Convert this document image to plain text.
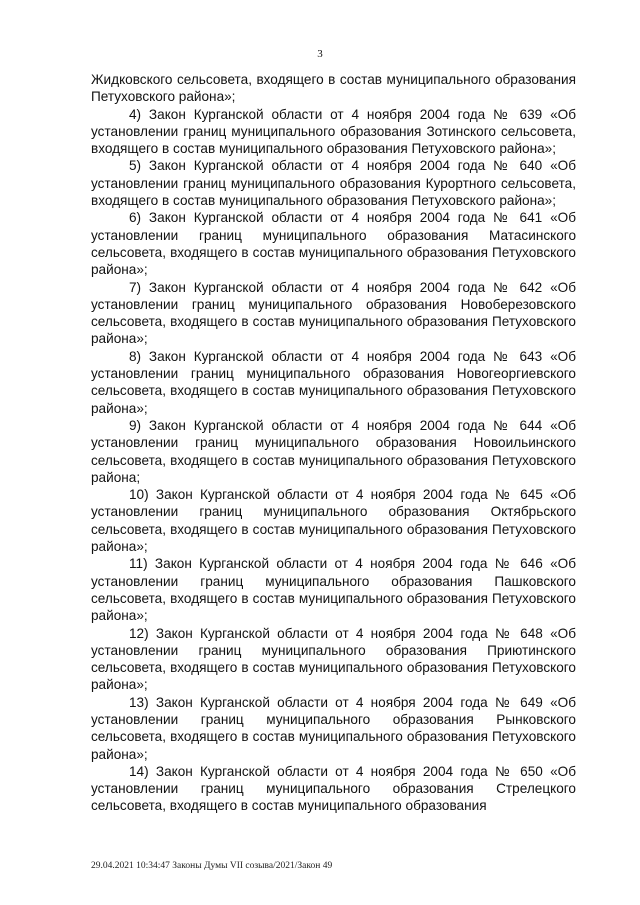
3

Жидковского сельсовета, входящего в состав муниципального образования Петуховского района»;

4) Закон Курганской области от 4 ноября 2004 года № 639 «Об установлении границ муниципального образования Зотинского сельсовета, входящего в состав муниципального образования Петуховского района»;

5) Закон Курганской области от 4 ноября 2004 года № 640 «Об установлении границ муниципального образования Курортного сельсовета, входящего в состав муниципального образования Петуховского района»;

6) Закон Курганской области от 4 ноября 2004 года № 641 «Об установлении границ муниципального образования Матасинского сельсовета, входящего в состав муниципального образования Петуховского района»;

7) Закон Курганской области от 4 ноября 2004 года № 642 «Об установлении границ муниципального образования Новоберезовского сельсовета, входящего в состав муниципального образования Петуховского района»;

8) Закон Курганской области от 4 ноября 2004 года № 643 «Об установлении границ муниципального образования Новогеоргиевского сельсовета, входящего в состав муниципального образования Петуховского района»;

9) Закон Курганской области от 4 ноября 2004 года № 644 «Об установлении границ муниципального образования Новоильинского сельсовета, входящего в состав муниципального образования Петуховского района;

10) Закон Курганской области от 4 ноября 2004 года № 645 «Об установлении границ муниципального образования Октябрьского сельсовета, входящего в состав муниципального образования Петуховского района»;

11) Закон Курганской области от 4 ноября 2004 года № 646 «Об установлении границ муниципального образования Пашковского сельсовета, входящего в состав муниципального образования Петуховского района»;

12) Закон Курганской области от 4 ноября 2004 года № 648 «Об установлении границ муниципального образования Приютинского сельсовета, входящего в состав муниципального образования Петуховского района»;

13) Закон Курганской области от 4 ноября 2004 года № 649 «Об установлении границ муниципального образования Рынковского сельсовета, входящего в состав муниципального образования Петуховского района»;

14) Закон Курганской области от 4 ноября 2004 года № 650 «Об установлении границ муниципального образования Стрелецкого сельсовета, входящего в состав муниципального образования

29.04.2021 10:34:47 Законы Думы VII созыва/2021/Закон 49
